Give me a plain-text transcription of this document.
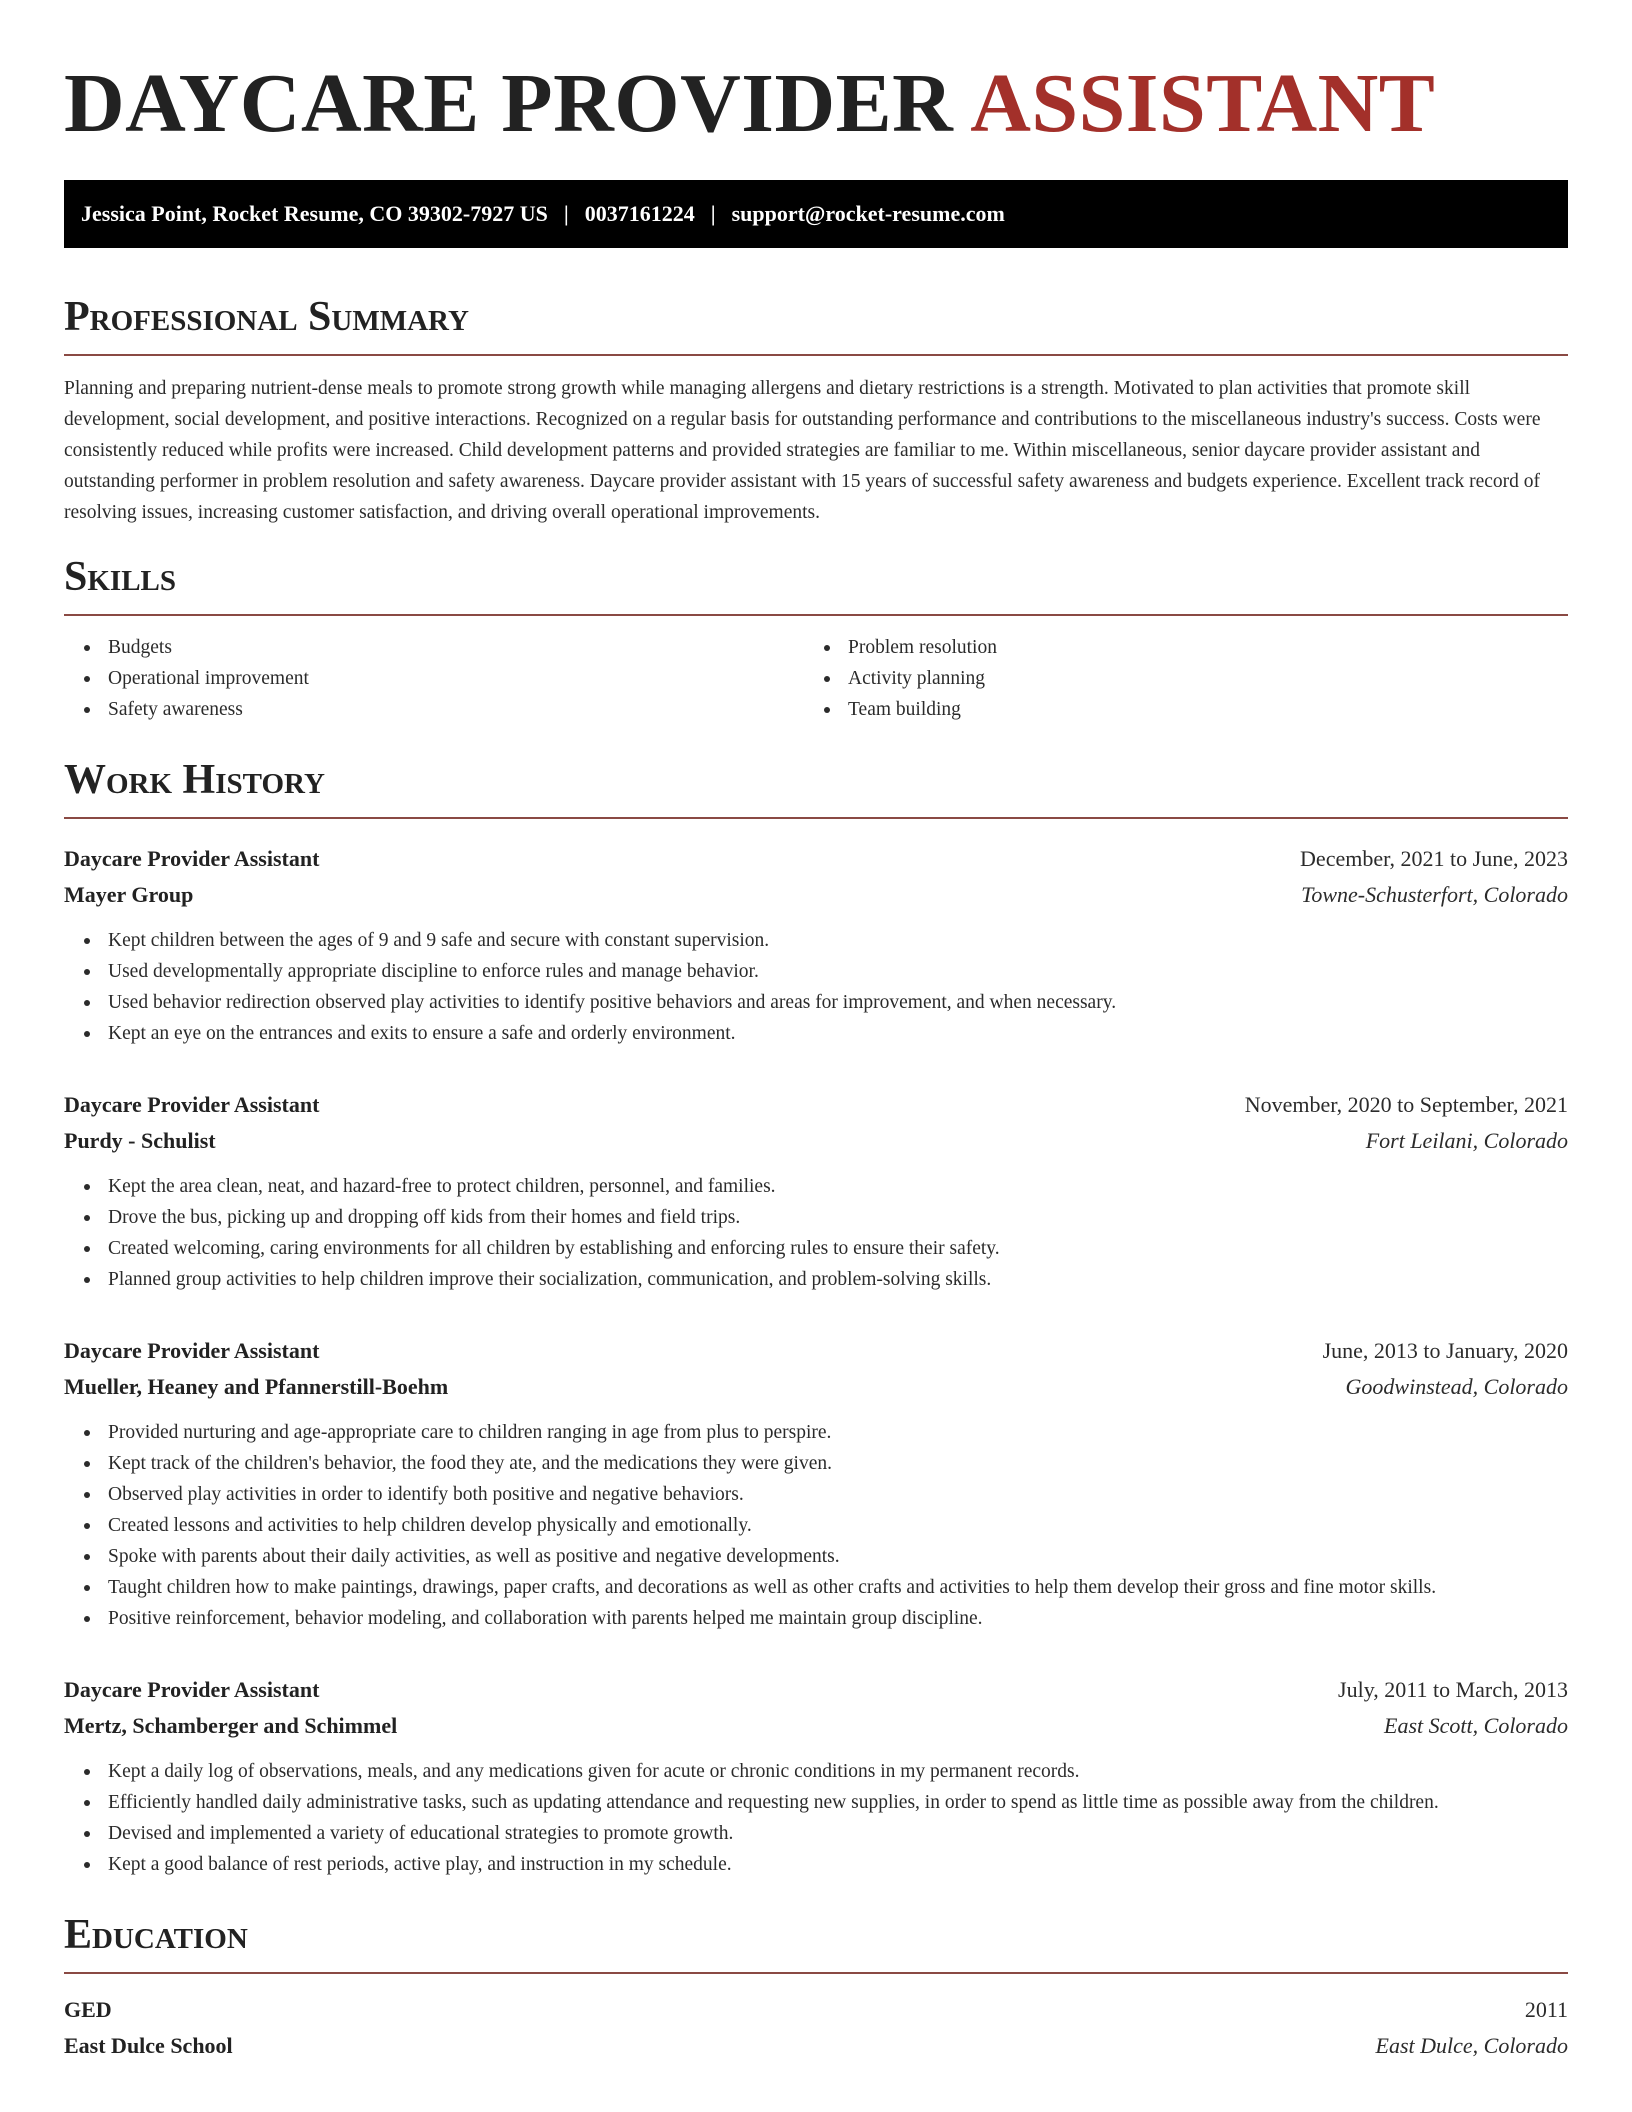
DAYCARE PROVIDER ASSISTANT
Jessica Point, Rocket Resume, CO 39302-7927 US | 0037161224 | support@rocket-resume.com
Professional Summary

Planning and preparing nutrient-dense meals to promote strong growth while managing allergens and dietary restrictions is a strength. Motivated to plan activities that promote skill development, social development, and positive interactions. Recognized on a regular basis for outstanding performance and contributions to the miscellaneous industry's success. Costs were consistently reduced while profits were increased. Child development patterns and provided strategies are familiar to me. Within miscellaneous, senior daycare provider assistant and outstanding performer in problem resolution and safety awareness. Daycare provider assistant with 15 years of successful safety awareness and budgets experience. Excellent track record of resolving issues, increasing customer satisfaction, and driving overall operational improvements.

Skills
Budgets
Operational improvement
Safety awareness
Problem resolution
Activity planning
Team building
Work History
Daycare Provider Assistant	December, 2021 to June, 2023
Mayer Group	Towne-Schusterfort, Colorado
Kept children between the ages of 9 and 9 safe and secure with constant supervision.
Used developmentally appropriate discipline to enforce rules and manage behavior.
Used behavior redirection observed play activities to identify positive behaviors and areas for improvement, and when necessary.
Kept an eye on the entrances and exits to ensure a safe and orderly environment.
Daycare Provider Assistant	November, 2020 to September, 2021
Purdy - Schulist	Fort Leilani, Colorado
Kept the area clean, neat, and hazard-free to protect children, personnel, and families.
Drove the bus, picking up and dropping off kids from their homes and field trips.
Created welcoming, caring environments for all children by establishing and enforcing rules to ensure their safety.
Planned group activities to help children improve their socialization, communication, and problem-solving skills.
Daycare Provider Assistant	June, 2013 to January, 2020
Mueller, Heaney and Pfannerstill-Boehm	Goodwinstead, Colorado
Provided nurturing and age-appropriate care to children ranging in age from plus to perspire.
Kept track of the children's behavior, the food they ate, and the medications they were given.
Observed play activities in order to identify both positive and negative behaviors.
Created lessons and activities to help children develop physically and emotionally.
Spoke with parents about their daily activities, as well as positive and negative developments.
Taught children how to make paintings, drawings, paper crafts, and decorations as well as other crafts and activities to help them develop their gross and fine motor skills.
Positive reinforcement, behavior modeling, and collaboration with parents helped me maintain group discipline.
Daycare Provider Assistant	July, 2011 to March, 2013
Mertz, Schamberger and Schimmel	East Scott, Colorado
Kept a daily log of observations, meals, and any medications given for acute or chronic conditions in my permanent records.
Efficiently handled daily administrative tasks, such as updating attendance and requesting new supplies, in order to spend as little time as possible away from the children.
Devised and implemented a variety of educational strategies to promote growth.
Kept a good balance of rest periods, active play, and instruction in my schedule.
Education
GED	2011
East Dulce School	East Dulce, Colorado
